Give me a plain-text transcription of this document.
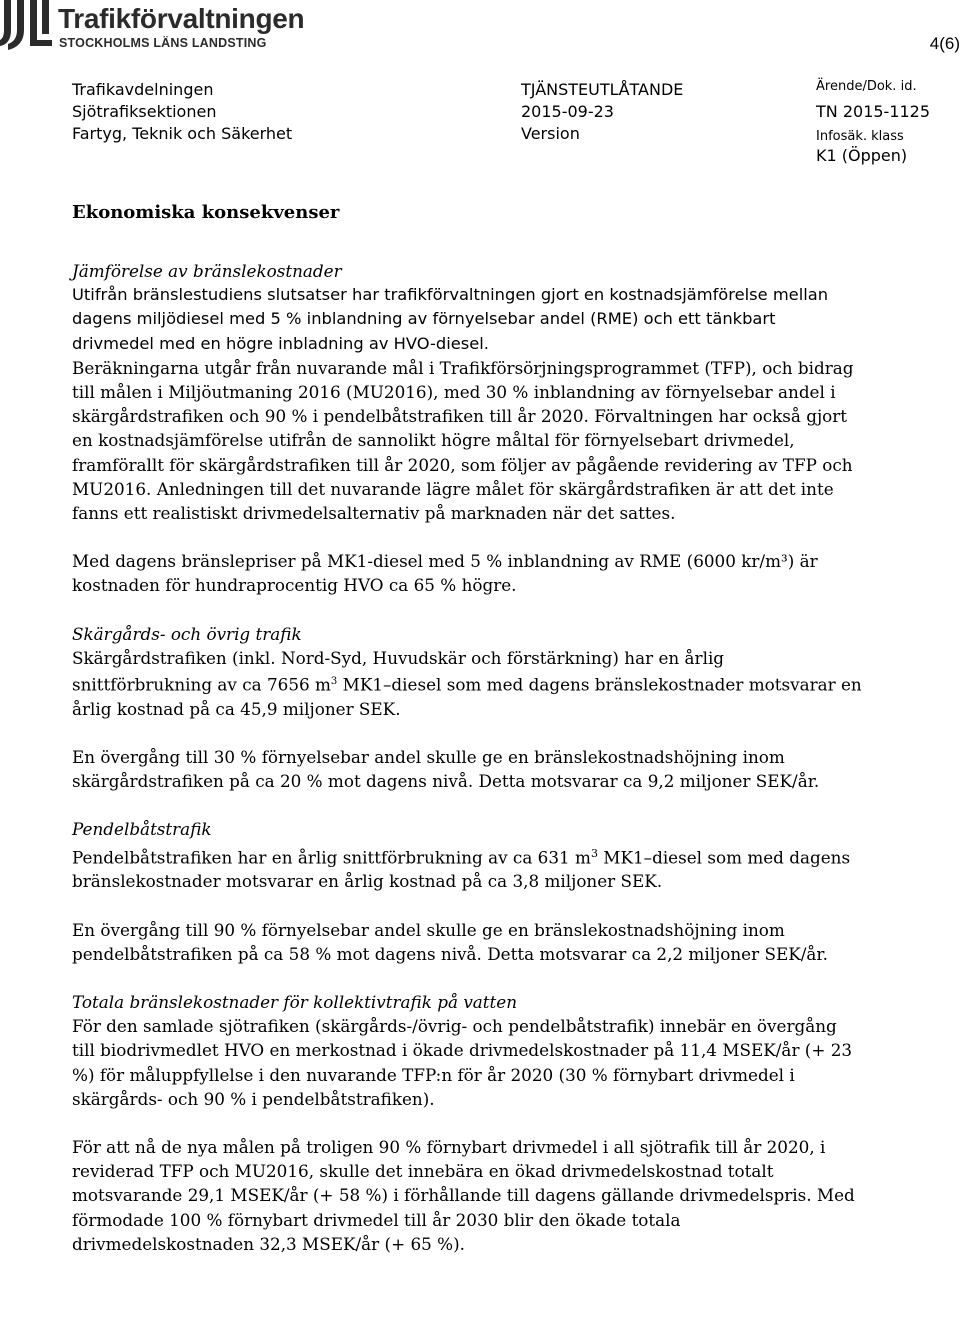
Trafikförvaltningen
STOCKHOLMS LÄNS LANDSTING	4(6)
Trafikavdelningen
Sjötrafiksektionen
Fartyg, Teknik och Säkerhet
TJÄNSTEUTLÅTANDE
2015-09-23
Version
Ärende/Dok. id.
TN 2015-1125
Infosäk. klass
K1 (Öppen)
Ekonomiska konsekvenser

Jämförelse av bränslekostnader

Utifrån bränslestudiens slutsatser har trafikförvaltningen gjort en kostnadsjämförelse mellan dagens miljödiesel med 5 % inblandning av förnyelsebar andel (RME) och ett tänkbart drivmedel med en högre inbladning av HVO-diesel.

Beräkningarna utgår från nuvarande mål i Trafikförsörjningsprogrammet (TFP), och bidrag till målen i Miljöutmaning 2016 (MU2016), med 30 % inblandning av förnyelsebar andel i skärgårdstrafiken och 90 % i pendelbåtstrafiken till år 2020. Förvaltningen har också gjort en kostnadsjämförelse utifrån de sannolikt högre måltal för förnyelsebart drivmedel, framförallt för skärgårdstrafiken till år 2020, som följer av pågående revidering av TFP och MU2016. Anledningen till det nuvarande lägre målet för skärgårdstrafiken är att det inte fanns ett realistiskt drivmedelsalternativ på marknaden när det sattes.

Med dagens bränslepriser på MK1-diesel med 5 % inblandning av RME (6000 kr/m³) är kostnaden för hundraprocentig HVO ca 65 % högre.

Skärgårds- och övrig trafik

Skärgårdstrafiken (inkl. Nord-Syd, Huvudskär och förstärkning) har en årlig snittförbrukning av ca 7656 $m^3$ MK1–diesel som med dagens bränslekostnader motsvarar en årlig kostnad på ca 45,9 miljoner SEK.

En övergång till 30 % förnyelsebar andel skulle ge en bränslekostnadshöjning inom skärgårdstrafiken på ca 20 % mot dagens nivå. Detta motsvarar ca 9,2 miljoner SEK/år.

Pendelbåtstrafik

Pendelbåtstrafiken har en årlig snittförbrukning av ca 631 $m^3$ MK1–diesel som med dagens bränslekostnader motsvarar en årlig kostnad på ca 3,8 miljoner SEK.

En övergång till 90 % förnyelsebar andel skulle ge en bränslekostnadshöjning inom pendelbåtstrafiken på ca 58 % mot dagens nivå. Detta motsvarar ca 2,2 miljoner SEK/år.

Totala bränslekostnader för kollektivtrafik på vatten

För den samlade sjötrafiken (skärgårds-/övrig- och pendelbåtstrafik) innebär en övergång till biodrivmedlet HVO en merkostnad i ökade drivmedelskostnader på 11,4 MSEK/år (+ 23 %) för måluppfyllelse i den nuvarande TFP:n för år 2020 (30 % förnybart drivmedel i skärgårds- och 90 % i pendelbåtstrafiken).

För att nå de nya målen på troligen 90 % förnybart drivmedel i all sjötrafik till år 2020, i reviderad TFP och MU2016, skulle det innebära en ökad drivmedelskostnad totalt motsvarande 29,1 MSEK/år (+ 58 %) i förhållande till dagens gällande drivmedelspris. Med förmodade 100 % förnybart drivmedel till år 2030 blir den ökade totala drivmedelskostnaden 32,3 MSEK/år (+ 65 %).
